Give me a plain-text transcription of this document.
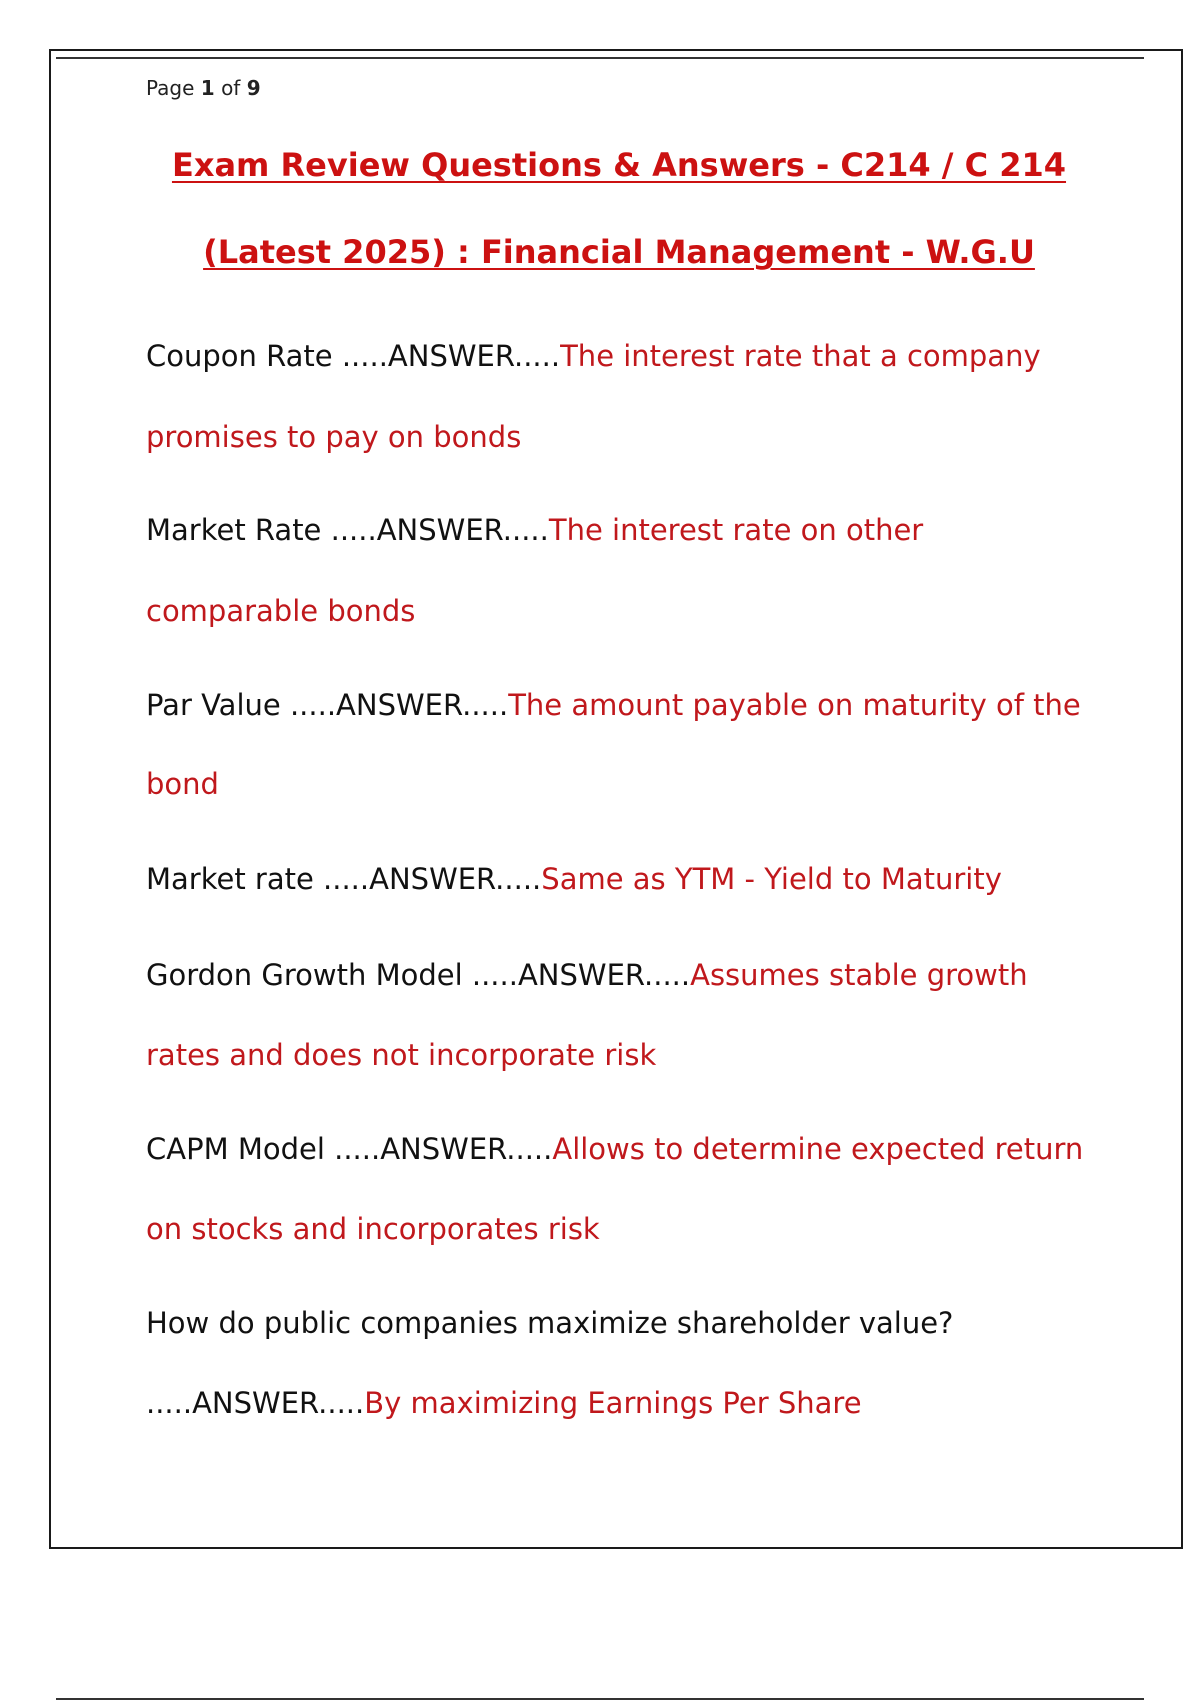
Page 1 of 9
Exam Review Questions & Answers - C214 / C 214
(Latest 2025) : Financial Management - W.G.U
Coupon Rate .....ANSWER.....The interest rate that a company
promises to pay on bonds
Market Rate .....ANSWER.....The interest rate on other
comparable bonds
Par Value .....ANSWER.....The amount payable on maturity of the
bond
Market rate .....ANSWER.....Same as YTM - Yield to Maturity
Gordon Growth Model .....ANSWER.....Assumes stable growth
rates and does not incorporate risk
CAPM Model .....ANSWER.....Allows to determine expected return
on stocks and incorporates risk
How do public companies maximize shareholder value?
.....ANSWER.....By maximizing Earnings Per Share
